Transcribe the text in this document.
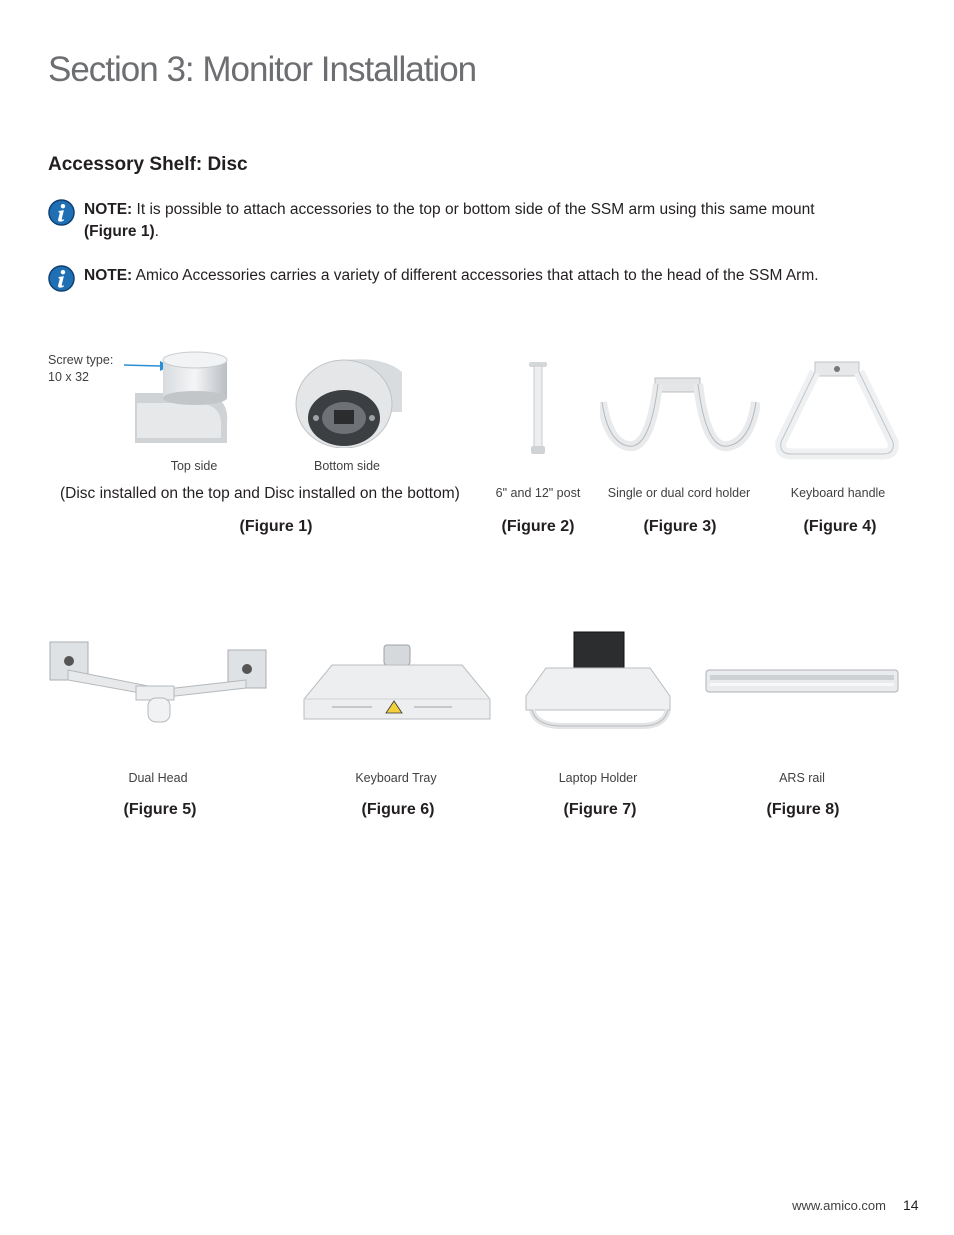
Section 3: Monitor Installation
Accessory Shelf: Disc
NOTE: It is possible to attach accessories to the top or bottom side of the SSM arm using this same mount (Figure 1).
NOTE: Amico Accessories carries a variety of different accessories that attach to the head of the SSM Arm.
Screw type:
10 x 32
Top side	Bottom side
(Disc installed on the top and Disc installed on the bottom)
(Figure 1)
6" and 12" post
(Figure 2)
Single or dual cord holder
(Figure 3)
Keyboard handle
(Figure 4)
Dual Head
(Figure 5)
Keyboard Tray
(Figure 6)
Laptop Holder
(Figure 7)
ARS rail
(Figure 8)
www.amico.com 14
